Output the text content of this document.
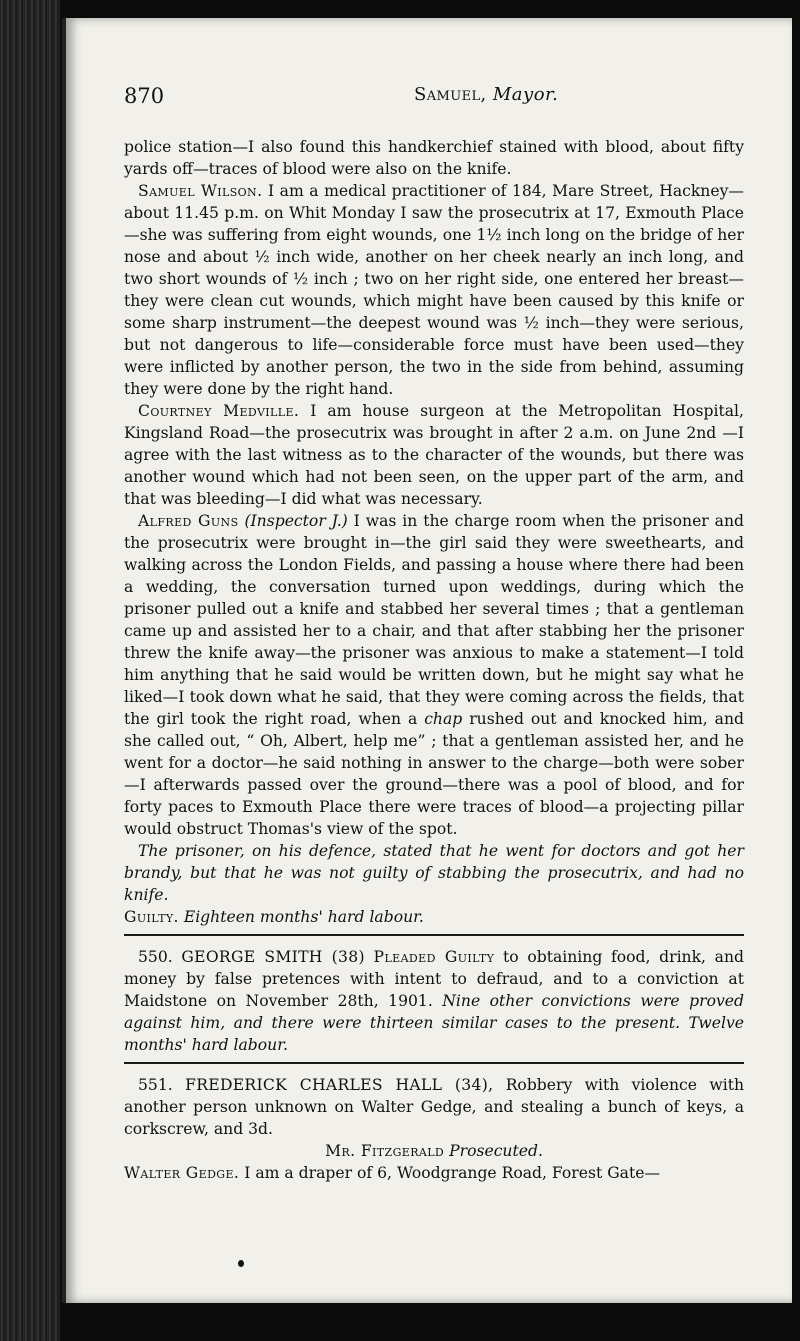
870	Samuel, Mayor.

police station—I also found this handkerchief stained with blood, about fifty yards off—traces of blood were also on the knife.

Samuel Wilson. I am a medical practitioner of 184, Mare Street, Hackney—about 11.45 p.m. on Whit Monday I saw the prosecutrix at 17, Exmouth Place—she was suffering from eight wounds, one 1½ inch long on the bridge of her nose and about ½ inch wide, another on her cheek nearly an inch long, and two short wounds of ½ inch ; two on her right side, one entered her breast—they were clean cut wounds, which might have been caused by this knife or some sharp instrument—the deepest wound was ½ inch—they were serious, but not dangerous to life—considerable force must have been used—they were inflicted by another person, the two in the side from behind, assuming they were done by the right hand.

Courtney Medville. I am house surgeon at the Metropolitan Hospital, Kingsland Road—the prosecutrix was brought in after 2 a.m. on June 2nd —I agree with the last witness as to the character of the wounds, but there was another wound which had not been seen, on the upper part of the arm, and that was bleeding—I did what was necessary.

Alfred Guns (Inspector J.) I was in the charge room when the prisoner and the prosecutrix were brought in—the girl said they were sweethearts, and walking across the London Fields, and passing a house where there had been a wedding, the conversation turned upon weddings, during which the prisoner pulled out a knife and stabbed her several times ; that a gentleman came up and assisted her to a chair, and that after stabbing her the prisoner threw the knife away—the prisoner was anxious to make a statement—I told him anything that he said would be written down, but he might say what he liked—I took down what he said, that they were coming across the fields, that the girl took the right road, when a chap rushed out and knocked him, and she called out, “ Oh, Albert, help me” ; that a gentleman assisted her, and he went for a doctor—he said nothing in answer to the charge—both were sober—I afterwards passed over the ground—there was a pool of blood, and for forty paces to Exmouth Place there were traces of blood—a projecting pillar would obstruct Thomas's view of the spot.

The prisoner, on his defence, stated that he went for doctors and got her brandy, but that he was not guilty of stabbing the prosecutrix, and had no knife.
Guilty. Eighteen months' hard labour.

550. GEORGE SMITH (38) Pleaded Guilty to obtaining food, drink, and money by false pretences with intent to defraud, and to a conviction at Maidstone on November 28th, 1901. Nine other convictions were proved against him, and there were thirteen similar cases to the present. Twelve months' hard labour.

551. FREDERICK CHARLES HALL (34), Robbery with violence with another person unknown on Walter Gedge, and stealing a bunch of keys, a corkscrew, and 3d.

Mr. Fitzgerald Prosecuted.

Walter Gedge. I am a draper of 6, Woodgrange Road, Forest Gate—
